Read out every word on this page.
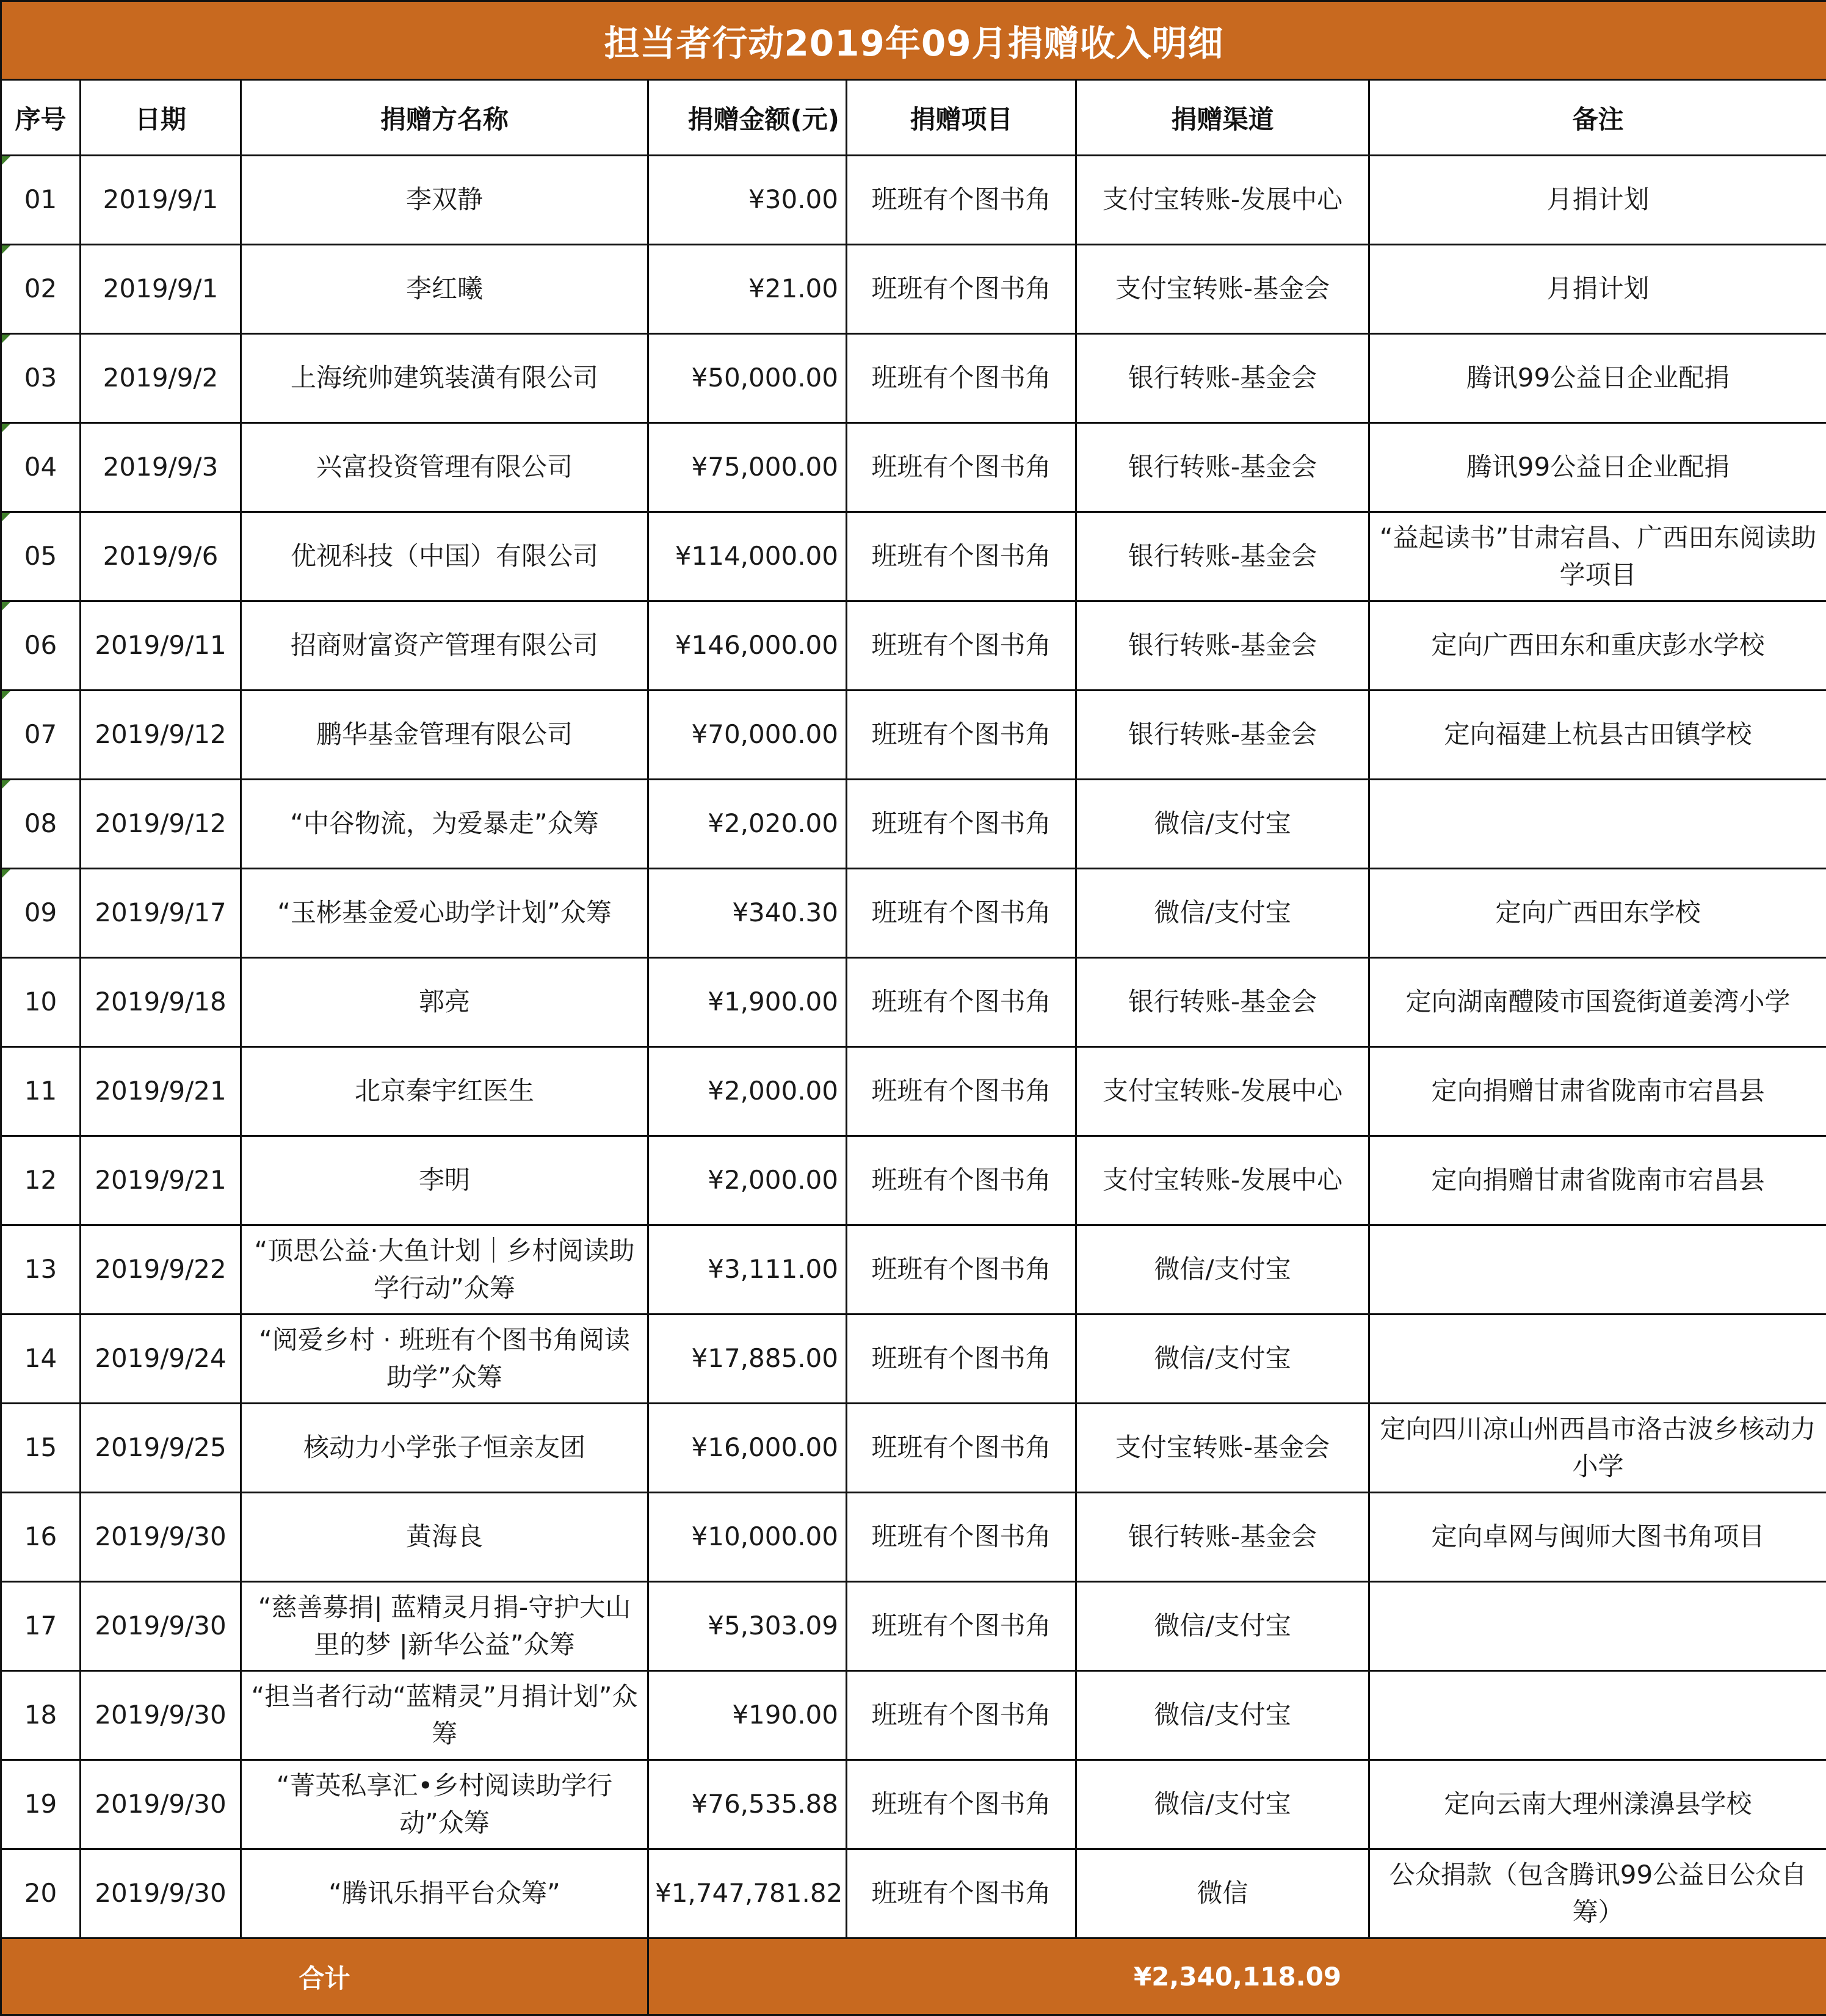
担当者行动2019年09月捐赠收入明细						
序号	日期	捐赠方名称	捐赠金额(元)	捐赠项目	捐赠渠道	备注
01	2019/9/1	李双静	¥30.00	班班有个图书角	支付宝转账-发展中心	月捐计划
02	2019/9/1	李红曦	¥21.00	班班有个图书角	支付宝转账-基金会	月捐计划
03	2019/9/2	上海统帅建筑装潢有限公司	¥50,000.00	班班有个图书角	银行转账-基金会	腾讯99公益日企业配捐
04	2019/9/3	兴富投资管理有限公司	¥75,000.00	班班有个图书角	银行转账-基金会	腾讯99公益日企业配捐
05	2019/9/6	优视科技（中国）有限公司	¥114,000.00	班班有个图书角	银行转账-基金会	“益起读书”甘肃宕昌、广西田东阅读助学项目
06	2019/9/11	招商财富资产管理有限公司	¥146,000.00	班班有个图书角	银行转账-基金会	定向广西田东和重庆彭水学校
07	2019/9/12	鹏华基金管理有限公司	¥70,000.00	班班有个图书角	银行转账-基金会	定向福建上杭县古田镇学校
08	2019/9/12	“中谷物流，为爱暴走”众筹	¥2,020.00	班班有个图书角	微信/支付宝	
09	2019/9/17	“玉彬基金爱心助学计划”众筹	¥340.30	班班有个图书角	微信/支付宝	定向广西田东学校
10	2019/9/18	郭亮	¥1,900.00	班班有个图书角	银行转账-基金会	定向湖南醴陵市国瓷街道姜湾小学
11	2019/9/21	北京秦宇红医生	¥2,000.00	班班有个图书角	支付宝转账-发展中心	定向捐赠甘肃省陇南市宕昌县
12	2019/9/21	李明	¥2,000.00	班班有个图书角	支付宝转账-发展中心	定向捐赠甘肃省陇南市宕昌县
13	2019/9/22	“顶思公益·大鱼计划｜乡村阅读助学行动”众筹	¥3,111.00	班班有个图书角	微信/支付宝	
14	2019/9/24	“阅爱乡村 · 班班有个图书角阅读助学”众筹	¥17,885.00	班班有个图书角	微信/支付宝	
15	2019/9/25	核动力小学张子恒亲友团	¥16,000.00	班班有个图书角	支付宝转账-基金会	定向四川凉山州西昌市洛古波乡核动力小学
16	2019/9/30	黄海良	¥10,000.00	班班有个图书角	银行转账-基金会	定向卓网与闽师大图书角项目
17	2019/9/30	“慈善募捐| 蓝精灵月捐-守护大山里的梦 |新华公益”众筹	¥5,303.09	班班有个图书角	微信/支付宝	
18	2019/9/30	“担当者行动“蓝精灵”月捐计划”众筹	¥190.00	班班有个图书角	微信/支付宝	
19	2019/9/30	“菁英私享汇•乡村阅读助学行动”众筹	¥76,535.88	班班有个图书角	微信/支付宝	定向云南大理州漾濞县学校
20	2019/9/30	“腾讯乐捐平台众筹”	¥1,747,781.82	班班有个图书角	微信	公众捐款（包含腾讯99公益日公众自筹）
合计			¥2,340,118.09			
